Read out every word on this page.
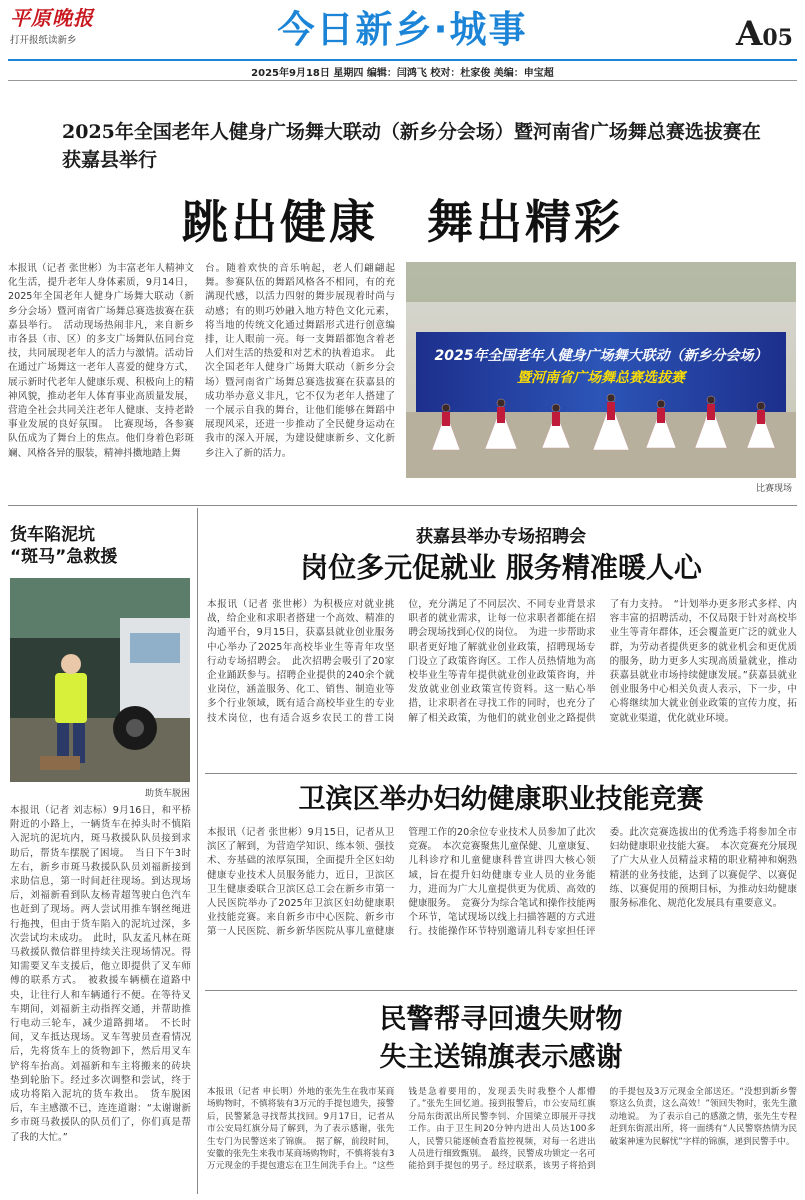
平原晚报
打开报纸读新乡	今日新乡·城事	A05
2025年9月18日 星期四 编辑：闫鸿飞 校对：杜家俊 美编：申宝超
2025年全国老年人健身广场舞大联动（新乡分会场）暨河南省广场舞总赛选拔赛在获嘉县举行
跳出健康　舞出精彩
本报讯（记者 张世彬）为丰富老年人精神文化生活，提升老年人身体素质，9月14日，2025年全国老年人健身广场舞大联动（新乡分会场）暨河南省广场舞总赛选拔赛在获嘉县举行。　活动现场热闹非凡，来自新乡市各县（市、区）的多支广场舞队伍同台竞技，共同展现老年人的活力与激情。活动旨在通过广场舞这一老年人喜爱的健身方式，展示新时代老年人健康乐观、积极向上的精神风貌，推动老年人体育事业高质量发展，营造全社会共同关注老年人健康、支持老龄事业发展的良好氛围。　比赛现场，各参赛队伍成为了舞台上的焦点。他们身着色彩斑斓、风格各异的服装，精神抖擞地踏上舞
台。随着欢快的音乐响起，老人们翩翩起舞。参赛队伍的舞蹈风格各不相同，有的充满现代感，以活力四射的舞步展现着时尚与动感；有的则巧妙融入地方特色文化元素，将当地的传统文化通过舞蹈形式进行创意编排，让人眼前一亮。每一支舞蹈都饱含着老人们对生活的热爱和对艺术的执着追求。　此次全国老年人健身广场舞大联动（新乡分会场）暨河南省广场舞总赛选拔赛在获嘉县的成功举办意义非凡，它不仅为老年人搭建了一个展示自我的舞台，让他们能够在舞蹈中展现风采，还进一步推动了全民健身运动在我市的深入开展，为建设健康新乡、文化新乡注入了新的活力。
2025年全国老年人健身广场舞大联动（新乡分会场）
暨河南省广场舞总赛选拔赛
比赛现场
货车陷泥坑
“斑马”急救援
助货车脱困
本报讯（记者 刘志标）9月16日，和平桥附近的小路上，一辆货车在掉头时不慎陷入泥坑的泥坑内，斑马救援队队员接到求助后，帮货车摆脱了困境。　当日下午3时左右，新乡市斑马救援队队员刘福新接到求助信息，第一时间赶往现场。到达现场后，刘福新看到队友杨青超驾驶白色汽车也赶到了现场。两人尝试用推车钢丝绳进行拖拽，但由于货车陷入的泥坑过深，多次尝试均未成功。　此时，队友孟凡林在斑马救援队微信群里持续关注现场情况。得知需要叉车支援后，他立即提供了叉车师傅的联系方式。　被救援车辆横在道路中央，让往行人和车辆通行不便。在等待叉车期间，刘福新主动指挥交通，并帮助推行电动三轮车，减少道路拥堵。　不长时间，叉车抵达现场。叉车驾驶员查看情况后，先将货车上的货物卸下，然后用叉车铲将车抬高。刘福新和车主将搬来的砖块垫到轮胎下。经过多次调整和尝试，终于成功将陷入泥坑的货车救出。　货车脱困后，车主感激不已，连连道谢：“太谢谢新乡市斑马救援队的队员们了，你们真是帮了我的大忙。”
获嘉县举办专场招聘会
岗位多元促就业 服务精准暖人心
本报讯（记者 张世彬）为积极应对就业挑战，给企业和求职者搭建一个高效、精准的沟通平台，9月15日，获嘉县就业创业服务中心举办了2025年高校毕业生等青年攻坚行动专场招聘会。　此次招聘会吸引了20家企业踊跃参与。招聘企业提供的240余个就业岗位，涵盖服务、化工、销售、制造业等多个行业领域，既有适合高校毕业生的专业技术岗位，也有适合返乡农民工的普工岗位，充分满足了不同层次、不同专业背景求职者的就业需求，让每一位求职者都能在招聘会现场找到心仪的岗位。　为进一步帮助求职者更好地了解就业创业政策，招聘现场专门设立了政策咨询区。工作人员热情地为高校毕业生等青年提供就业创业政策咨询，并发放就业创业政策宣传资料。这一贴心举措，让求职者在寻找工作的同时，也充分了解了相关政策，为他们的就业创业之路提供了有力支持。　“计划举办更多形式多样、内容丰富的招聘活动，不仅局限于针对高校毕业生等青年群体，还会覆盖更广泛的就业人群，为劳动者提供更多的就业机会和更优质的服务，助力更多人实现高质量就业，推动获嘉县就业市场持续健康发展。”获嘉县就业创业服务中心相关负责人表示，下一步，中心将继续加大就业创业政策的宣传力度，拓宽就业渠道，优化就业环境。
卫滨区举办妇幼健康职业技能竞赛
本报讯（记者 张世彬）9月15日，记者从卫滨区了解到，为营造学知识、练本领、强技术、夯基础的浓厚氛围，全面提升全区妇幼健康专业技术人员服务能力，近日，卫滨区卫生健康委联合卫滨区总工会在新乡市第一人民医院举办了2025年卫滨区妇幼健康职业技能竞赛。来自新乡市中心医院、新乡市第一人民医院、新乡新华医院从事儿童健康管理工作的20余位专业技术人员参加了此次竞赛。　本次竞赛聚焦儿童保健、儿童康复、儿科诊疗和儿童健康科普宣讲四大核心领域，旨在提升妇幼健康专业人员的业务能力，进而为广大儿童提供更为优质、高效的健康服务。　竞赛分为综合笔试和操作技能两个环节，笔试现场以线上扫描答题的方式进行。技能操作环节特别邀请儿科专家担任评委。此次竞赛选拔出的优秀选手将参加全市妇幼健康职业技能大赛。　本次竞赛充分展现了广大从业人员精益求精的职业精神和娴熟精湛的业务技能，达到了以赛促学、以赛促练、以赛促用的预期目标，为推动妇幼健康服务标准化、规范化发展具有重要意义。
民警帮寻回遗失财物
失主送锦旗表示感谢
本报讯（记者 申长明）外地的张先生在我市某商场购物时，不慎将装有3万元的手提包遗失，接警后，民警紧急寻找帮其找回。9月17日，记者从市公安局红旗分局了解到，为了表示感谢，张先生专门为民警送来了锦旗。　据了解，前段时间，安徽的张先生来我市某商场购物时，不慎将装有3万元现金的手提包遗忘在卫生间洗手台上。“这些钱是急着要用的，发现丢失时我整个人都懵了。”张先生回忆道。接到报警后，市公安局红旗分局东街派出所民警李钊、介国梁立即展开寻找工作。由于卫生间20分钟内进出人员达100多人，民警只能逐帧查看监控视频，对每一名进出人员进行细致甄别。　最终，民警成功锁定一名可能拾到手提包的男子。经过联系，该男子将拾到的手提包及3万元现金全部送还。“没想到新乡警察这么负责，这么高效！”领回失物时，张先生激动地说。　为了表示自己的感激之情，张先生专程赶到东街派出所，将一面绣有“人民警察热情为民 破案神速为民解忧”字样的锦旗，递到民警手中。
